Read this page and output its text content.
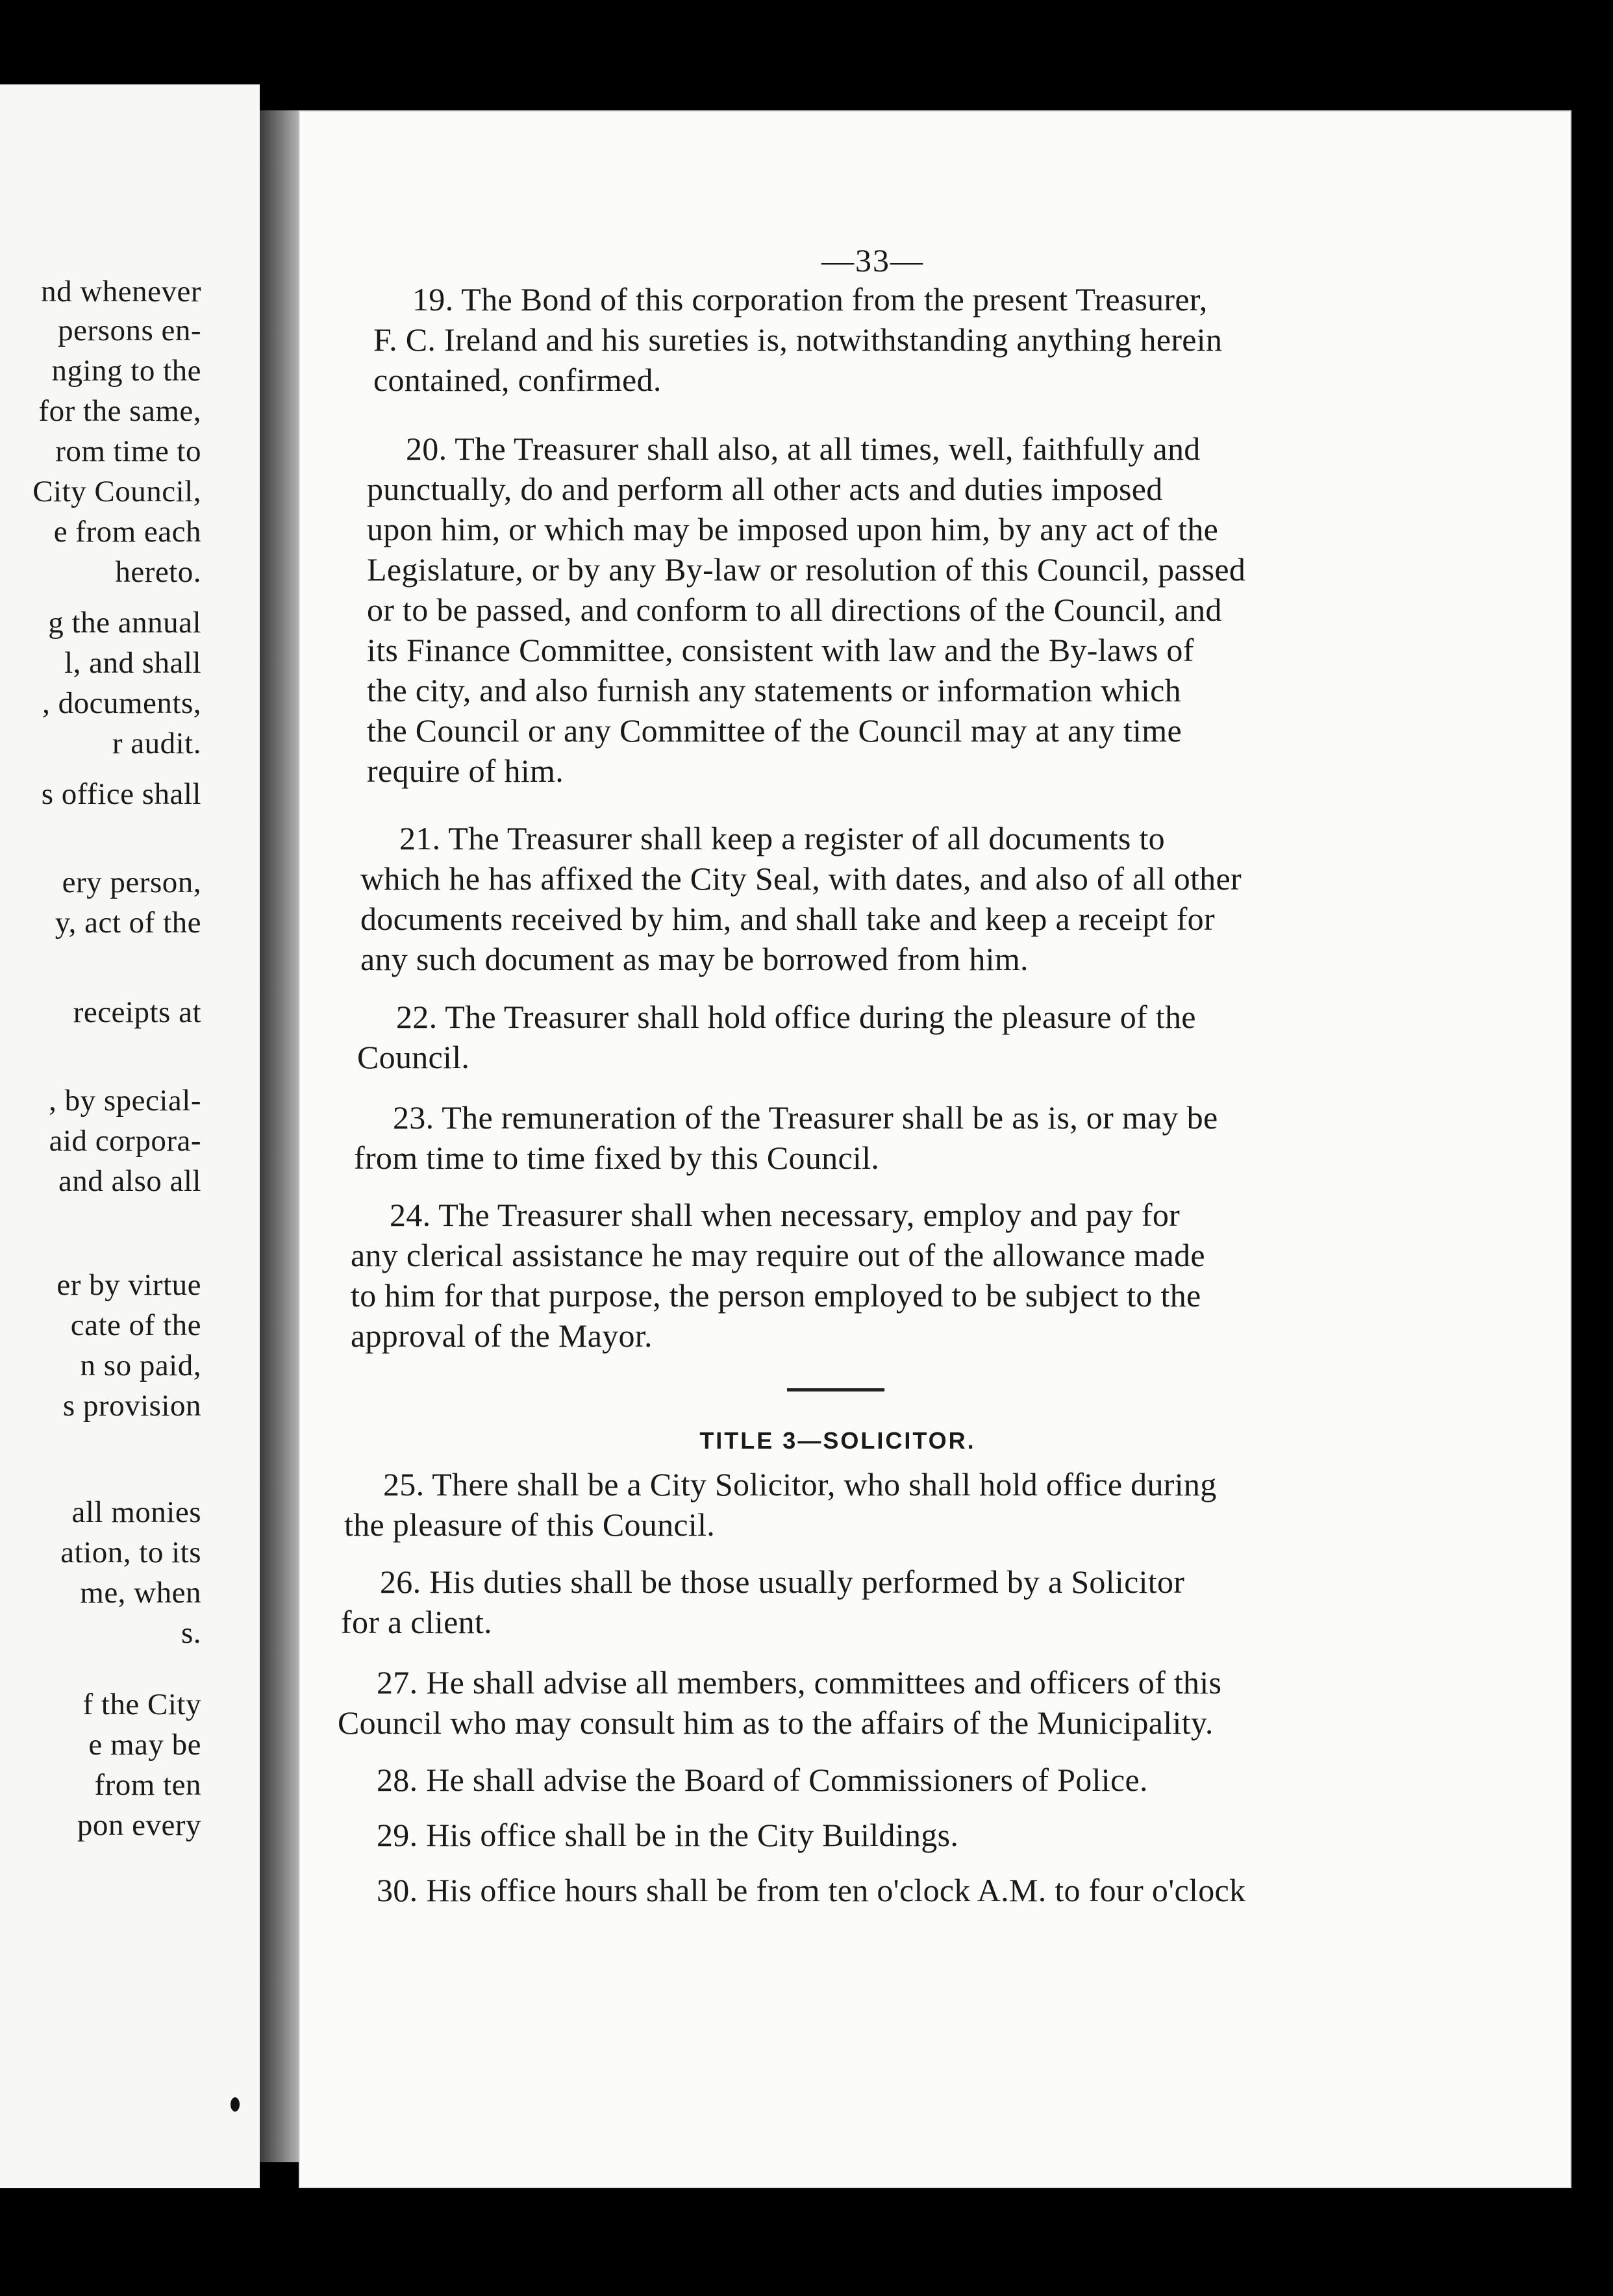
nd whenever
persons en-
nging to the
for the same,
rom time to
City Council,
e from each
hereto.
g the annual
l, and shall
, documents,
r audit.
s office shall
ery person,
y, act of the
receipts at
, by special-
aid corpora-
and also all
er by virtue
cate of the
n so paid,
s provision
all monies
ation, to its
me, when
s.
f the City
e may be
from ten
pon every
—33—
19. The Bond of this corporation from the present Treasurer,
F. C. Ireland and his sureties is, notwithstanding anything herein
contained, confirmed.
20. The Treasurer shall also, at all times, well, faithfully and
punctually, do and perform all other acts and duties imposed
upon him, or which may be imposed upon him, by any act of the
Legislature, or by any By-law or resolution of this Council, passed
or to be passed, and conform to all directions of the Council, and
its Finance Committee, consistent with law and the By-laws of
the city, and also furnish any statements or information which
the Council or any Committee of the Council may at any time
require of him.
21. The Treasurer shall keep a register of all documents to
which he has affixed the City Seal, with dates, and also of all other
documents received by him, and shall take and keep a receipt for
any such document as may be borrowed from him.
22. The Treasurer shall hold office during the pleasure of the
Council.
23. The remuneration of the Treasurer shall be as is, or may be
from time to time fixed by this Council.
24. The Treasurer shall when necessary, employ and pay for
any clerical assistance he may require out of the allowance made
to him for that purpose, the person employed to be subject to the
approval of the Mayor.
TITLE 3—SOLICITOR.
25. There shall be a City Solicitor, who shall hold office during
the pleasure of this Council.
26. His duties shall be those usually performed by a Solicitor
for a client.
27. He shall advise all members, committees and officers of this
Council who may consult him as to the affairs of the Municipality.
28. He shall advise the Board of Commissioners of Police.
29. His office shall be in the City Buildings.
30. His office hours shall be from ten o'clock A.M. to four o'clock
